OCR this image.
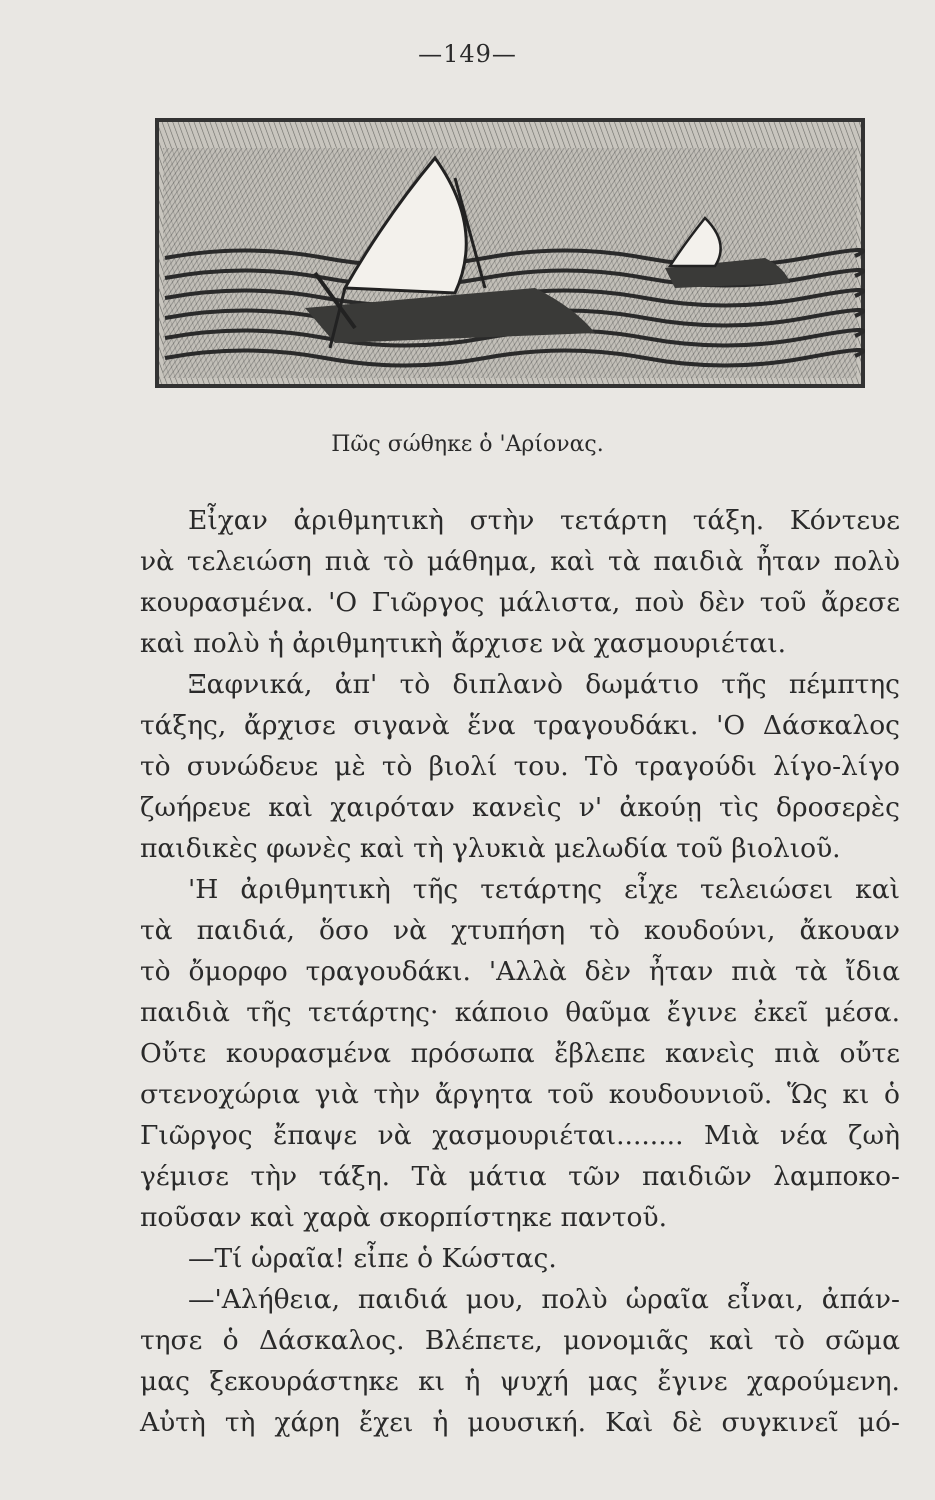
—149—
Πῶς σώθηκε ὁ 'Αρίονας.

Εἶχαν ἀριθμητικὴ στὴν τετάρτη τάξη. Κόντευε

νὰ τελειώση πιὰ τὸ μάθημα, καὶ τὰ παιδιὰ ἦταν πολὺ

κουρασμένα. 'Ο Γιῶργος μάλιστα, ποὺ δὲν τοῦ ἄρεσε

καὶ πολὺ ἡ ἀριθμητικὴ ἄρχισε νὰ χασμουριέται.

Ξαφνικά, ἀπ' τὸ διπλανὸ δωμάτιο τῆς πέμπτης

τάξης, ἄρχισε σιγανὰ ἕνα τραγουδάκι. 'Ο Δάσκαλος

τὸ συνώδευε μὲ τὸ βιολί του. Τὸ τραγούδι λίγο-λίγο

ζωήρευε καὶ χαιρόταν κανεὶς ν' ἀκούῃ τὶς δροσερὲς

παιδικὲς φωνὲς καὶ τὴ γλυκιὰ μελωδία τοῦ βιολιοῦ.

'Η ἀριθμητικὴ τῆς τετάρτης εἶχε τελειώσει καὶ

τὰ παιδιά, ὅσο νὰ χτυπήση τὸ κουδούνι, ἄκουαν

τὸ ὄμορφο τραγουδάκι. 'Αλλὰ δὲν ἦταν πιὰ τὰ ἴδια

παιδιὰ τῆς τετάρτης· κάποιο θαῦμα ἔγινε ἐκεῖ μέσα.

Οὔτε κουρασμένα πρόσωπα ἔβλεπε κανεὶς πιὰ οὔτε

στενοχώρια γιὰ τὴν ἄργητα τοῦ κουδουνιοῦ. Ὥς κι ὁ

Γιῶργος ἔπαψε νὰ χασμουριέται........ Μιὰ νέα ζωὴ

γέμισε τὴν τάξη. Τὰ μάτια τῶν παιδιῶν λαμποκο-

ποῦσαν καὶ χαρὰ σκορπίστηκε παντοῦ.

—Τί ὡραῖα! εἶπε ὁ Κώστας.

—'Αλήθεια, παιδιά μου, πολὺ ὡραῖα εἶναι, ἀπάν-

τησε ὁ Δάσκαλος. Βλέπετε, μονομιᾶς καὶ τὸ σῶμα

μας ξεκουράστηκε κι ἡ ψυχή μας ἔγινε χαρούμενη.

Αὐτὴ τὴ χάρη ἔχει ἡ μουσική. Καὶ δὲ συγκινεῖ μό-
